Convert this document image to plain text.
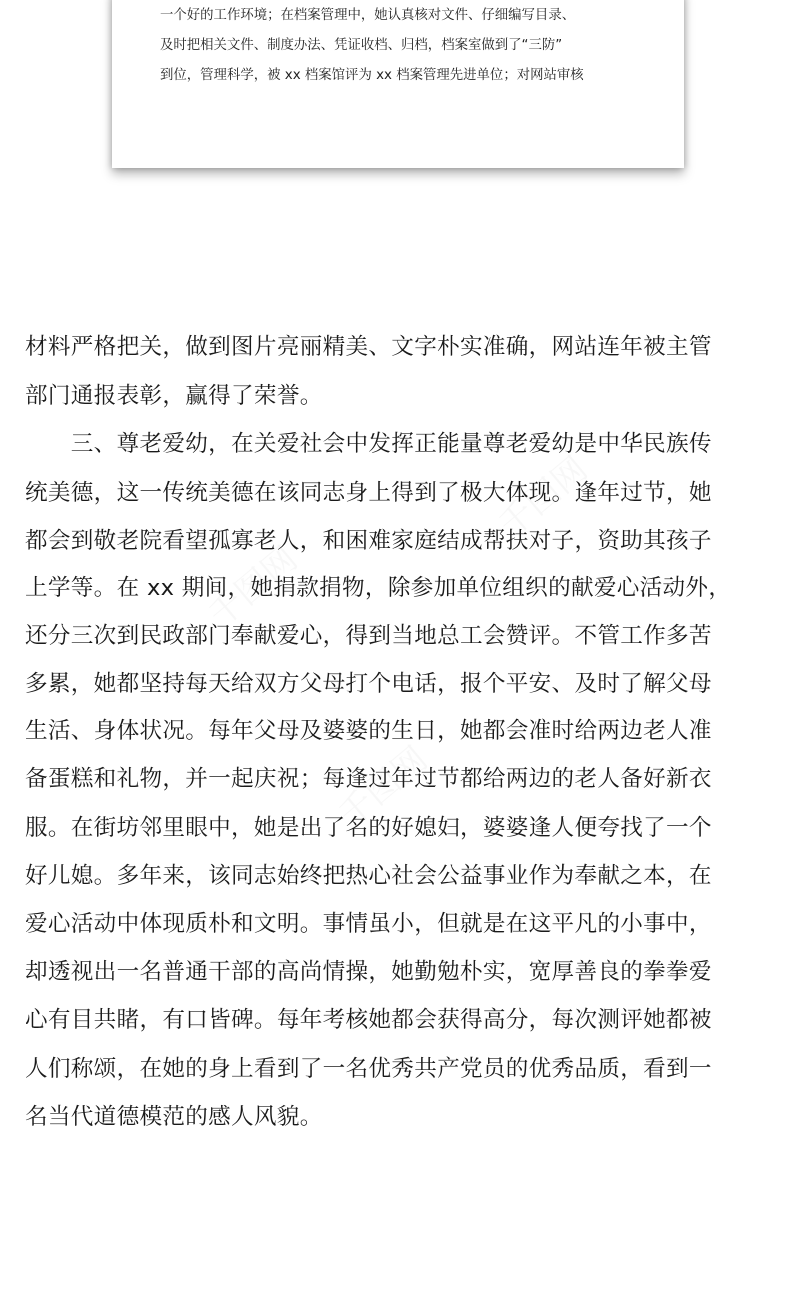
千图网
千图网
千图网
一个好的工作环境；在档案管理中，她认真核对文件、仔细编写目录、
及时把相关文件、制度办法、凭证收档、归档，档案室做到了“三防”
到位，管理科学，被 xx 档案馆评为 xx 档案管理先进单位；对网站审核
材料严格把关，做到图片亮丽精美、文字朴实准确，网站连年被主管
部门通报表彰，赢得了荣誉。
　　三、尊老爱幼，在关爱社会中发挥正能量尊老爱幼是中华民族传
统美德，这一传统美德在该同志身上得到了极大体现。逢年过节，她
都会到敬老院看望孤寡老人，和困难家庭结成帮扶对子，资助其孩子
上学等。在 xx 期间，她捐款捐物，除参加单位组织的献爱心活动外，
还分三次到民政部门奉献爱心，得到当地总工会赞评。不管工作多苦
多累，她都坚持每天给双方父母打个电话，报个平安、及时了解父母
生活、身体状况。每年父母及婆婆的生日，她都会准时给两边老人准
备蛋糕和礼物，并一起庆祝；每逢过年过节都给两边的老人备好新衣
服。在街坊邻里眼中，她是出了名的好媳妇，婆婆逢人便夸找了一个
好儿媳。多年来，该同志始终把热心社会公益事业作为奉献之本，在
爱心活动中体现质朴和文明。事情虽小，但就是在这平凡的小事中，
却透视出一名普通干部的高尚情操，她勤勉朴实，宽厚善良的拳拳爱
心有目共睹，有口皆碑。每年考核她都会获得高分，每次测评她都被
人们称颂，在她的身上看到了一名优秀共产党员的优秀品质，看到一
名当代道德模范的感人风貌。
